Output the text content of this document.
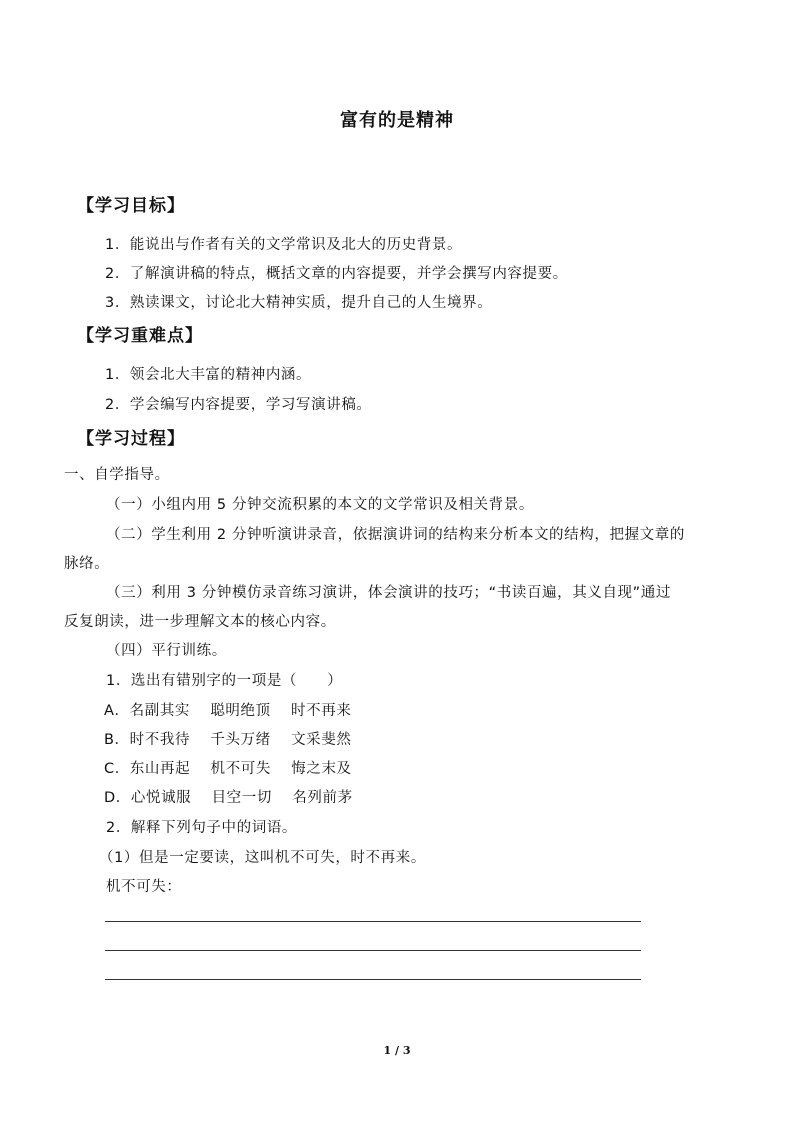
富有的是精神
【学习目标】
1．能说出与作者有关的文学常识及北大的历史背景。
2．了解演讲稿的特点，概括文章的内容提要，并学会撰写内容提要。
3．熟读课文，讨论北大精神实质，提升自己的人生境界。
【学习重难点】
1．领会北大丰富的精神内涵。
2．学会编写内容提要，学习写演讲稿。
【学习过程】
一、自学指导。
（一）小组内用 5 分钟交流积累的本文的文学常识及相关背景。
（二）学生利用 2 分钟听演讲录音，依据演讲词的结构来分析本文的结构，把握文章的
脉络。
（三）利用 3 分钟模仿录音练习演讲，体会演讲的技巧；“书读百遍，其义自现”通过
反复朗读，进一步理解文本的核心内容。
（四）平行训练。
1．选出有错别字的一项是（　　）
A．名副其实　 聪明绝顶　 时不再来
B．时不我待　 千头万绪　 文采斐然
C．东山再起　 机不可失　 悔之末及
D．心悦诚服　 目空一切　 名列前茅
2．解释下列句子中的词语。
（1）但是一定要读，这叫机不可失，时不再来。
机不可失：
1 / 3
